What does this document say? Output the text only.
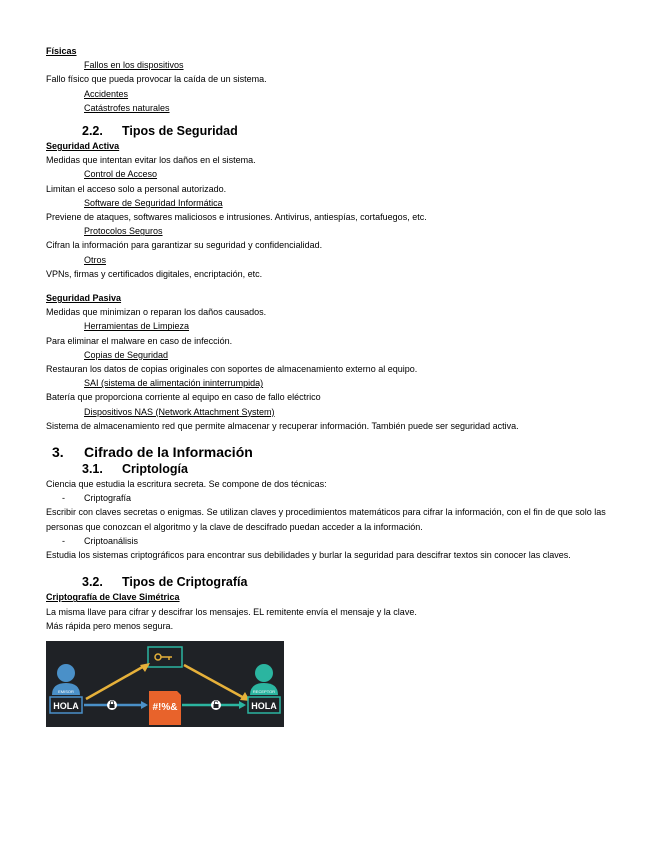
Físicas

Fallos en los dispositivos

Fallo físico que pueda provocar la caída de un sistema.

Accidentes

Catástrofes naturales

2.2. Tipos de Seguridad

Seguridad Activa

Medidas que intentan evitar los daños en el sistema.

Control de Acceso

Limitan el acceso solo a personal autorizado.

Software de Seguridad Informática

Previene de ataques, softwares maliciosos e intrusiones. Antivirus, antiespías, cortafuegos, etc.

Protocolos Seguros

Cifran la información para garantizar su seguridad y confidencialidad.

Otros

VPNs, firmas y certificados digitales, encriptación, etc.

Seguridad Pasiva

Medidas que minimizan o reparan los daños causados.

Herramientas de Limpieza

Para eliminar el malware en caso de infección.

Copias de Seguridad

Restauran los datos de copias originales con soportes de almacenamiento externo al equipo.

SAI (sistema de alimentación ininterrumpida)

Batería que proporciona corriente al equipo en caso de fallo eléctrico

Dispositivos NAS (Network Attachment System)

Sistema de almacenamiento red que permite almacenar y recuperar información. También puede ser seguridad activa.

3. Cifrado de la Información

3.1. Criptología

Ciencia que estudia la escritura secreta. Se compone de dos técnicas:

-	Criptografía

Escribir con claves secretas o enigmas. Se utilizan claves y procedimientos matemáticos para cifrar la información, con el fin de que solo las personas que conozcan el algoritmo y la clave de descifrado puedan acceder a la información.

-	Criptoanálisis

Estudia los sistemas criptográficos para encontrar sus debilidades y burlar la seguridad para descifrar textos sin conocer las claves.

3.2. Tipos de Criptografía

Criptografía de Clave Simétrica

La misma llave para cifrar y descifrar los mensajes. EL remitente envía el mensaje y la clave.

Más rápida pero menos segura.

EMISOR	RECEPTOR
HOLA	HOLA
#!%&
